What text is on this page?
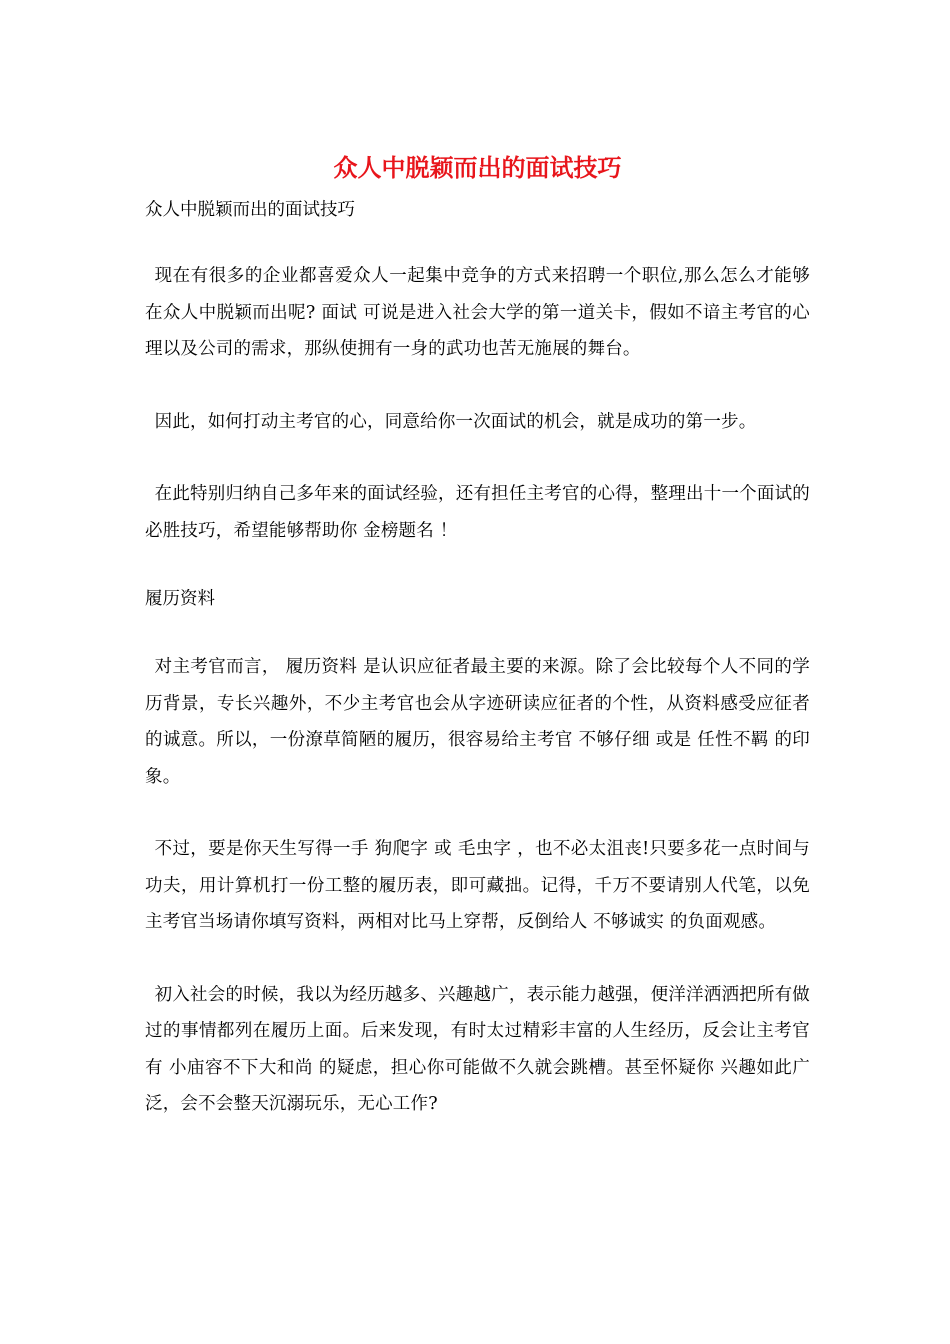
众人中脱颖而出的面试技巧

众人中脱颖而出的面试技巧

现在有很多的企业都喜爱众人一起集中竞争的方式来招聘一个职位,那么怎么才能够在众人中脱颖而出呢? 面试 可说是进入社会大学的第一道关卡，假如不谙主考官的心理以及公司的需求，那纵使拥有一身的武功也苦无施展的舞台。

因此，如何打动主考官的心，同意给你一次面试的机会，就是成功的第一步。

在此特别归纳自己多年来的面试经验，还有担任主考官的心得，整理出十一个面试的必胜技巧，希望能够帮助你 金榜题名 ！

履历资料

对主考官而言， 履历资料 是认识应征者最主要的来源。除了会比较每个人不同的学历背景，专长兴趣外，不少主考官也会从字迹研读应征者的个性，从资料感受应征者的诚意。所以，一份潦草简陋的履历，很容易给主考官 不够仔细 或是 任性不羁 的印象。

不过，要是你天生写得一手 狗爬字 或 毛虫字 ，也不必太沮丧!只要多花一点时间与功夫，用计算机打一份工整的履历表，即可藏拙。记得，千万不要请别人代笔，以免主考官当场请你填写资料，两相对比马上穿帮，反倒给人 不够诚实 的负面观感。

初入社会的时候，我以为经历越多、兴趣越广，表示能力越强，便洋洋洒洒把所有做过的事情都列在履历上面。后来发现，有时太过精彩丰富的人生经历，反会让主考官有 小庙容不下大和尚 的疑虑，担心你可能做不久就会跳槽。甚至怀疑你 兴趣如此广泛，会不会整天沉溺玩乐，无心工作?
